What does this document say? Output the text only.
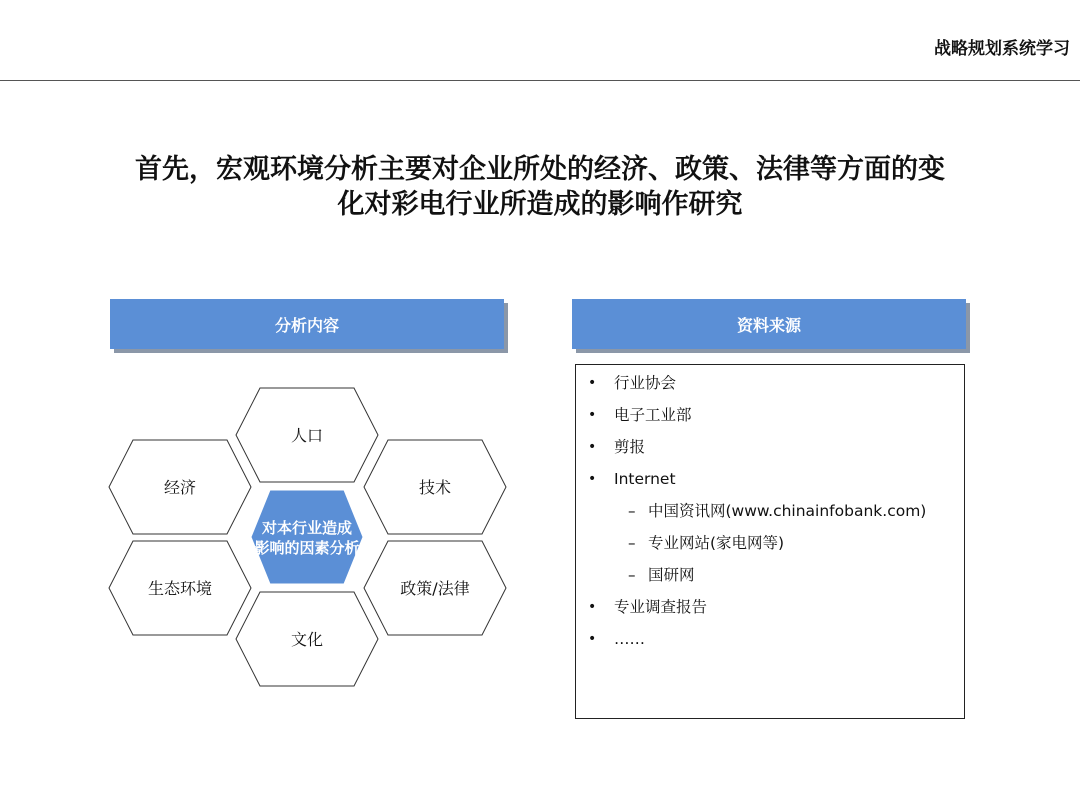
战略规划系统学习
首先，宏观环境分析主要对企业所处的经济、政策、法律等方面的变
化对彩电行业所造成的影响作研究
分析内容	资料来源
人口
经济	技术
对本行业造成
影响的因素分析
生态环境	政策/法律
文化
• 行业协会
• 电子工业部
• 剪报
• Internet
– 中国资讯网(www.chinainfobank.com)
– 专业网站(家电网等)
– 国研网
• 专业调查报告
• ……
